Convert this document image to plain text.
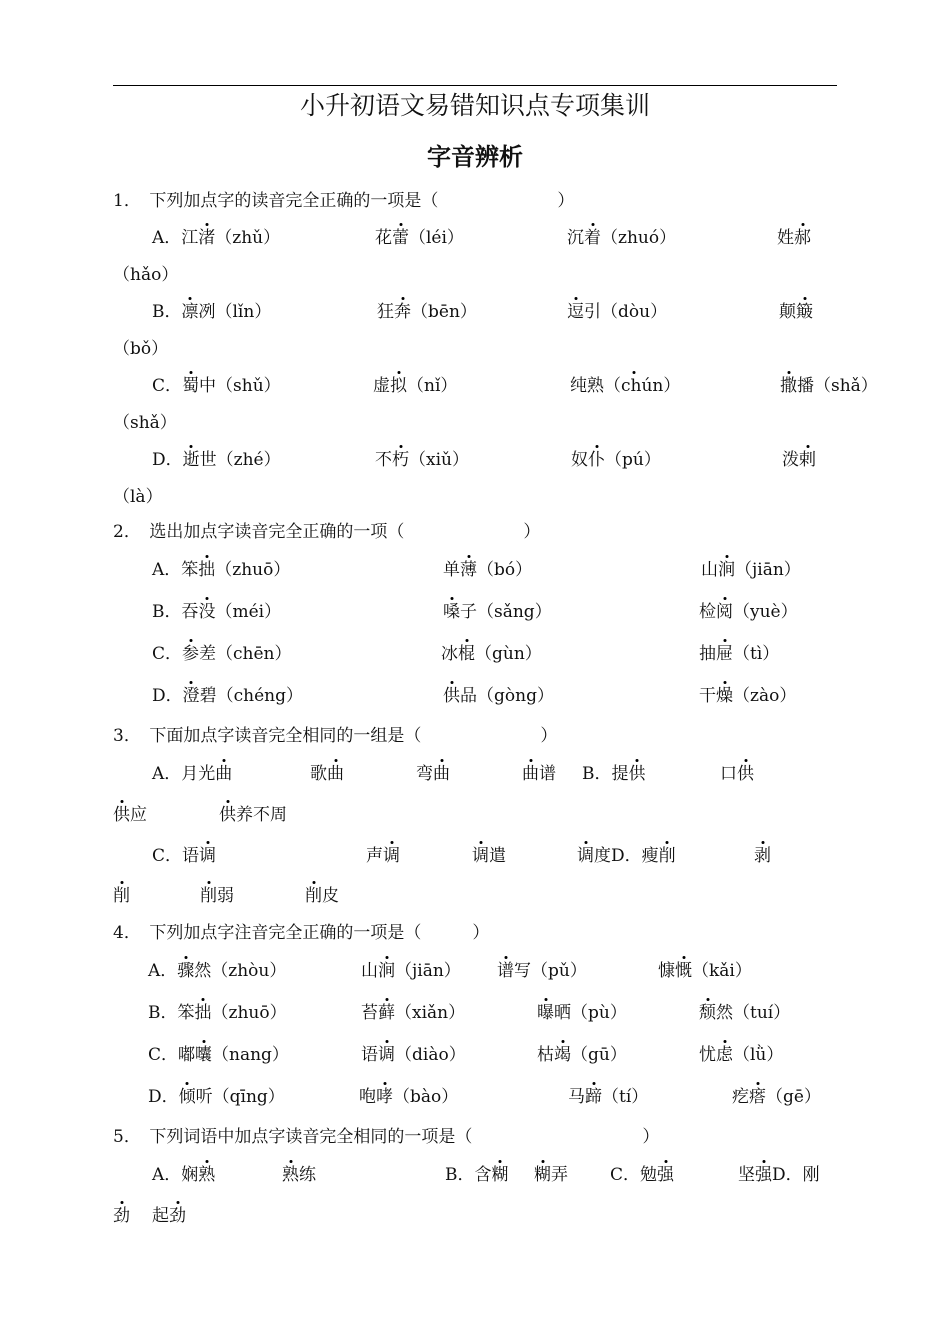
小升初语文易错知识点专项集训
字音辨析
1．　下列加点字的读音完全正确的一项是（　　　　　　　）
A．江渚（zhǔ）	花蕾（léi）	沉着（zhuó）	姓郝
（hǎo）
B．凛冽（lǐn）	狂奔（bēn）	逗引（dòu）	颠簸
（bǒ）
C．蜀中（shǔ）	虚拟（nǐ）	纯熟（chún）	撒播（shǎ）
（shǎ）
D．逝世（zhé）	不朽（xiǔ）	奴仆（pú）	泼剌
（là）
2．　选出加点字读音完全正确的一项（　　　　　　　）
A．笨拙（zhuō）	单薄（bó）	山涧（jiān）
B．吞没（méi）	嗓子（sǎng）	检阅（yuè）
C．参差（chēn）	冰棍（gùn）	抽屉（tì）
D．澄碧（chéng）	供品（gòng）	干燥（zào）
3．　下面加点字读音完全相同的一组是（　　　　　　　）
A．月光曲	歌曲	弯曲	曲谱 B．提供	口供
供应	供养不周
C．语调	声调	调遣	调度D．瘦削	剥
削	削弱	削皮
4．　下列加点字注音完全正确的一项是（　　　）
A．骤然（zhòu）	山涧（jiān） 谱写（pǔ）	慷慨（kǎi）
B．笨拙（zhuō）	苔藓（xiǎn）	曝晒（pù）	颓然（tuí）
C．嘟囔（nang）	语调（diào）	枯竭（gū）	忧虑（lǜ）
D．倾听（qīng）	咆哮（bào）	马蹄（tí）	疙瘩（gē）
5．　下列词语中加点字读音完全相同的一项是（　　　　　　　　　　）
A．娴熟	熟练	B．含糊 糊弄 C．勉强	坚强D．刚
劲 起劲
